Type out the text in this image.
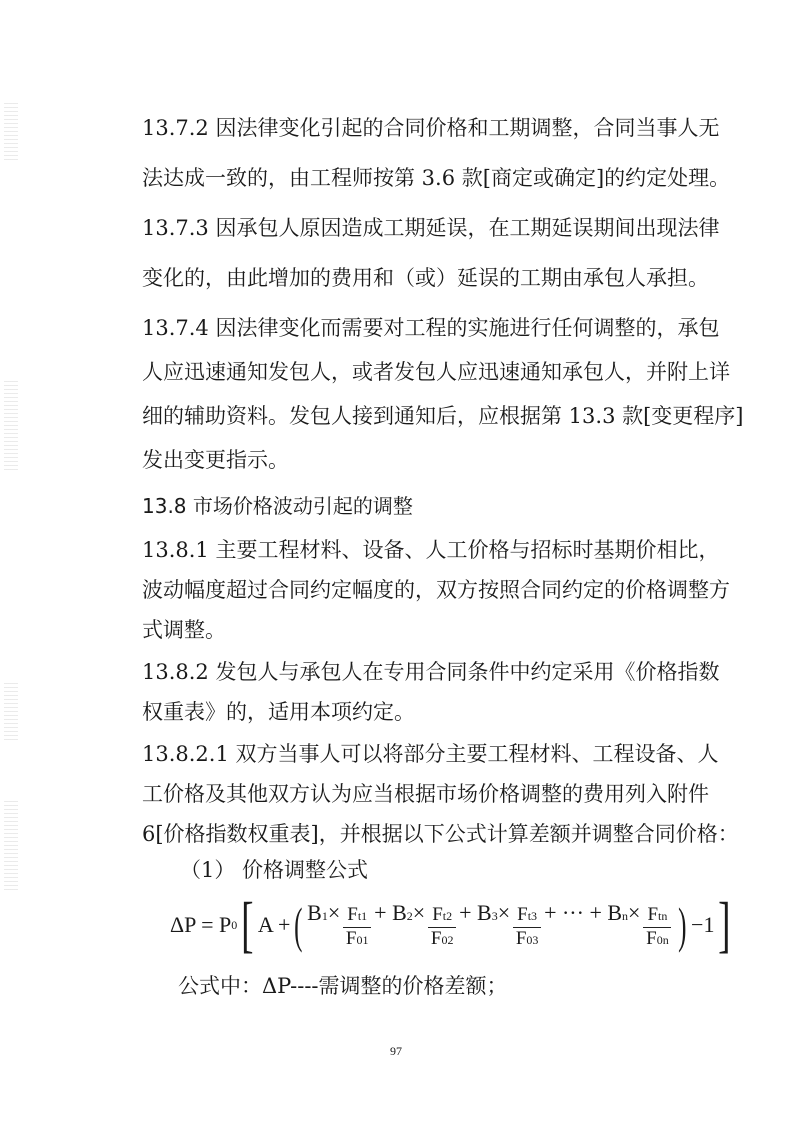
13.7.2 因法律变化引起的合同价格和工期调整，合同当事人无
法达成一致的，由工程师按第 3.6 款[商定或确定]的约定处理。
13.7.3 因承包人原因造成工期延误，在工期延误期间出现法律
变化的，由此增加的费用和（或）延误的工期由承包人承担。
13.7.4 因法律变化而需要对工程的实施进行任何调整的，承包
人应迅速通知发包人，或者发包人应迅速通知承包人，并附上详
细的辅助资料。发包人接到通知后，应根据第 13.3 款[变更程序]
发出变更指示。
13.8 市场价格波动引起的调整
13.8.1 主要工程材料、设备、人工价格与招标时基期价相比，
波动幅度超过合同约定幅度的，双方按照合同约定的价格调整方
式调整。
13.8.2 发包人与承包人在专用合同条件中约定采用《价格指数
权重表》的，适用本项约定。
13.8.2.1 双方当事人可以将部分主要工程材料、工程设备、人
工价格及其他双方认为应当根据市场价格调整的费用列入附件
6[价格指数权重表]，并根据以下公式计算差额并调整合同价格：
（1） 价格调整公式
ΔP = P 0 [ A + ( $B1\times \frac{Ft1}{F01} + B2\times \frac{Ft2}{F02} + B3\times \frac{Ft3}{F03}$ + ··· + $Bn\times \frac{\text{Ftn}}{F0n}$ ) −1 ]
公式中：ΔP----需调整的价格差额；
97
